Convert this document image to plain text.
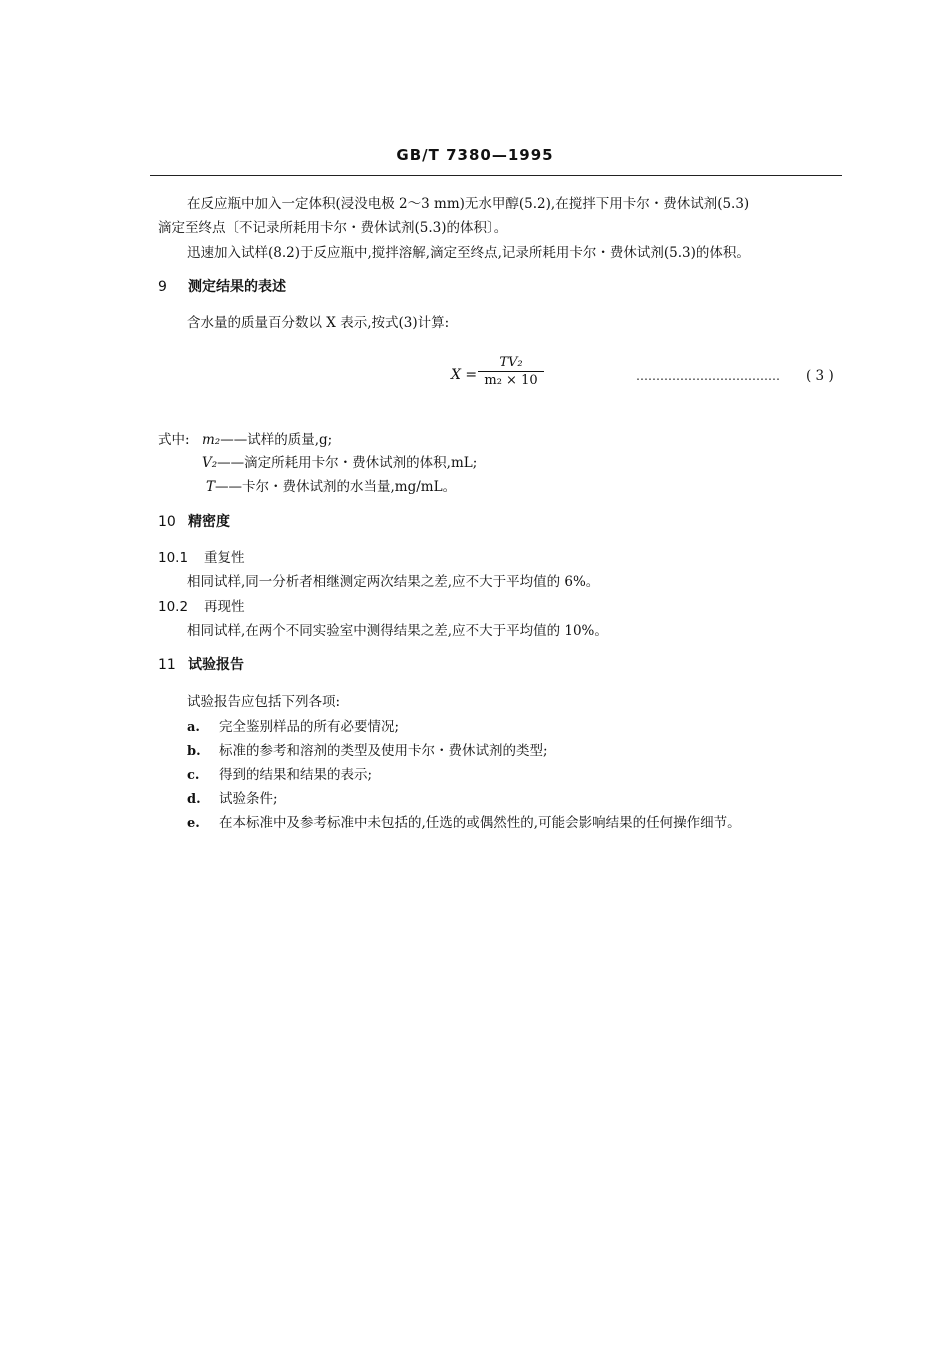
GB/T 7380—1995
在反应瓶中加入一定体积(浸没电极 2～3 mm)无水甲醇(5.2),在搅拌下用卡尔・费休试剂(5.3)
滴定至终点〔不记录所耗用卡尔・费休试剂(5.3)的体积〕。
迅速加入试样(8.2)于反应瓶中,搅拌溶解,滴定至终点,记录所耗用卡尔・费休试剂(5.3)的体积。
9 测定结果的表述
含水量的质量百分数以 X 表示,按式(3)计算:
X =
TV₂
m₂ × 10	……………………………… ( 3 )
式中: m₂——试样的质量,g;
V₂——滴定所耗用卡尔・费休试剂的体积,mL;
T——卡尔・费休试剂的水当量,mg/mL。
10 精密度
10.1 重复性
相同试样,同一分析者相继测定两次结果之差,应不大于平均值的 6%。
10.2 再现性
相同试样,在两个不同实验室中测得结果之差,应不大于平均值的 10%。
11 试验报告
试验报告应包括下列各项:
a. 完全鉴别样品的所有必要情况;
b. 标准的参考和溶剂的类型及使用卡尔・费休试剂的类型;
c. 得到的结果和结果的表示;
d. 试验条件;
e. 在本标准中及参考标准中未包括的,任选的或偶然性的,可能会影响结果的任何操作细节。
